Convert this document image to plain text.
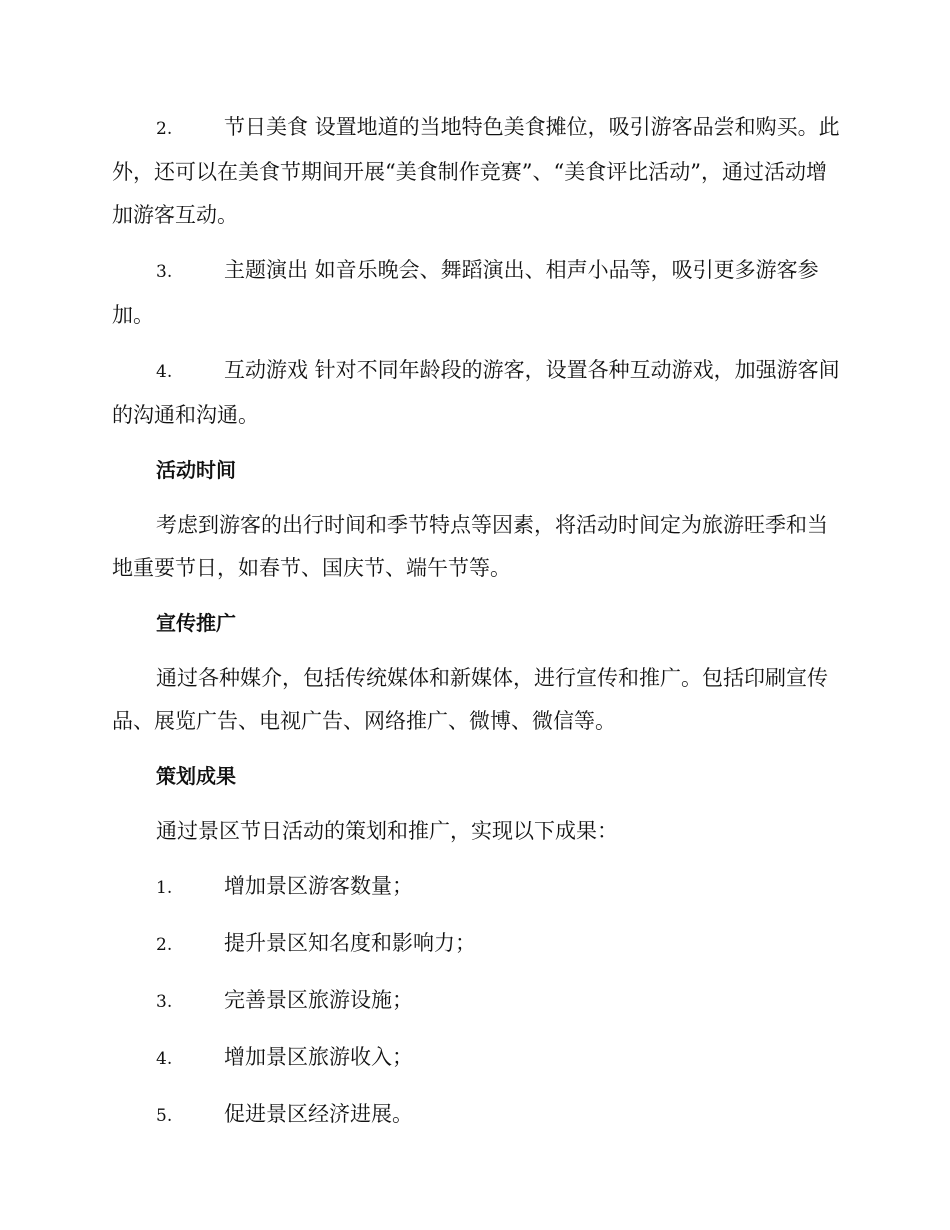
2. 节日美食 设置地道的当地特色美食摊位，吸引游客品尝和购买。此外，还可以在美食节期间开展“美食制作竞赛”、“美食评比活动”，通过活动增加游客互动。
3. 主题演出 如音乐晚会、舞蹈演出、相声小品等，吸引更多游客参加。
4. 互动游戏 针对不同年龄段的游客，设置各种互动游戏，加强游客间的沟通和沟通。
活动时间
考虑到游客的出行时间和季节特点等因素，将活动时间定为旅游旺季和当地重要节日，如春节、国庆节、端午节等。
宣传推广
通过各种媒介，包括传统媒体和新媒体，进行宣传和推广。包括印刷宣传品、展览广告、电视广告、网络推广、微博、微信等。
策划成果
通过景区节日活动的策划和推广，实现以下成果：
1. 增加景区游客数量；
2. 提升景区知名度和影响力；
3. 完善景区旅游设施；
4. 增加景区旅游收入；
5. 促进景区经济进展。
